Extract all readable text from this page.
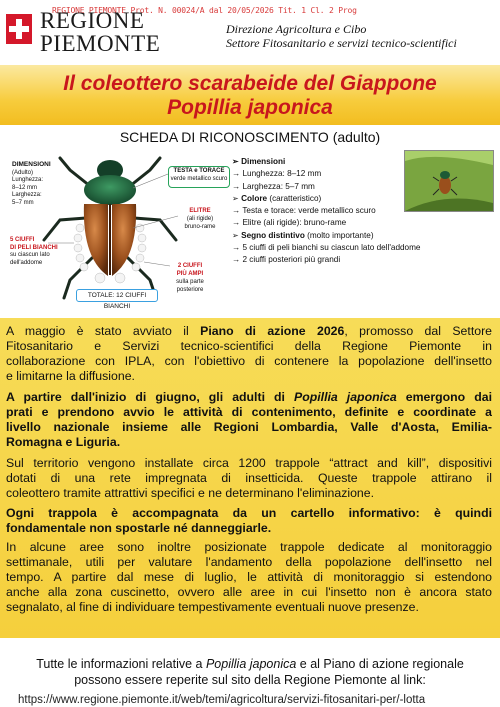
REGIONE PIEMONTE Prot. N. 00024/A dal 20/05/2026 Tit. 1 Cl. 2 Prog
REGIONE
PIEMONTE
Direzione Agricoltura e Cibo
Settore Fitosanitario e servizi tecnico-scientifici
Il coleottero scarabeide del Giappone
Popillia japonica
SCHEDA DI RICONOSCIMENTO (adulto)
DIMENSIONI
(Adulto)
Lunghezza:
8–12 mm
Larghezza:
5–7 mm
TESTA e TORACE
verde metallico scuro
ELITRE
(ali rigide)
bruno-rame
5 CIUFFI
DI PELI BIANCHI
su ciascun lato
dell'addome
2 CIUFFI
PIÙ AMPI
sulla parte
posteriore
TOTALE: 12 CIUFFI BIANCHI
➢ Dimensioni
→ Lunghezza: 8–12 mm
→ Larghezza: 5–7 mm
➢ Colore (caratteristico)
→ Testa e torace: verde metallico scuro
→ Elitre (ali rigide): bruno-rame
➢ Segno distintivo (molto importante)
→ 5 ciuffi di peli bianchi su ciascun lato dell'addome
→ 2 ciuffi posteriori più grandi
A maggio è stato avviato il Piano di azione 2026, promosso dal Settore
Fitosanitario e Servizi tecnico-scientifici della Regione Piemonte in
collaborazione con IPLA, con l'obiettivo di contenere la popolazione dell'insetto
e limitarne la diffusione.
A partire dall'inizio di giugno, gli adulti di Popillia japonica emergono dai
prati e prendono avvio le attività di contenimento, definite e coordinate a
livello nazionale insieme alle Regioni Lombardia, Valle d'Aosta, Emilia-
Romagna e Liguria.
Sul territorio vengono installate circa 1200 trappole “attract and kill”, dispositivi
dotati di una rete impregnata di insetticida. Queste trappole attirano il
coleottero tramite attrattivi specifici e ne determinano l'eliminazione.
Ogni trappola è accompagnata da un cartello informativo: è quindi
fondamentale non spostarle né danneggiarle.
In alcune aree sono inoltre posizionate trappole dedicate al monitoraggio
settimanale, utili per valutare l'andamento della popolazione dell'insetto nel
tempo. A partire dal mese di luglio, le attività di monitoraggio si estendono
anche alla zona cuscinetto, ovvero alle aree in cui l'insetto non è ancora stato
segnalato, al fine di individuare tempestivamente eventuali nuove presenze.
Tutte le informazioni relative a Popillia japonica e al Piano di azione regionale
possono essere reperite sul sito della Regione Piemonte al link:
https://www.regione.piemonte.it/web/temi/agricoltura/servizi-fitosanitari-per/-lotta
